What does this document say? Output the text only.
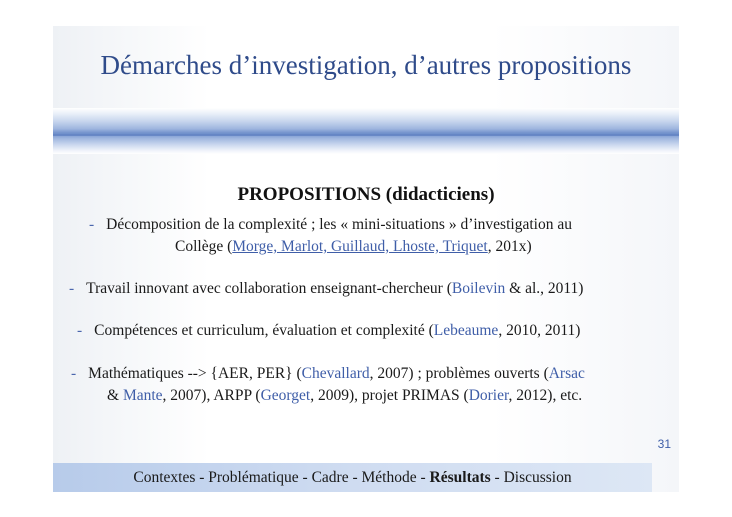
Démarches d’investigation, d’autres propositions
PROPOSITIONS (didacticiens)
- Décomposition de la complexité ; les « mini-situations » d’investigation au
Collège (Morge, Marlot, Guillaud, Lhoste, Triquet, 201x)
- Travail innovant avec collaboration enseignant-chercheur (Boilevin & al., 2011)
- Compétences et curriculum, évaluation et complexité (Lebeaume, 2010, 2011)
- Mathématiques --> {AER, PER} (Chevallard, 2007) ; problèmes ouverts (Arsac
& Mante, 2007), ARPP (Georget, 2009), projet PRIMAS (Dorier, 2012), etc.
31
Contextes - Problématique - Cadre - Méthode - Résultats - Discussion
